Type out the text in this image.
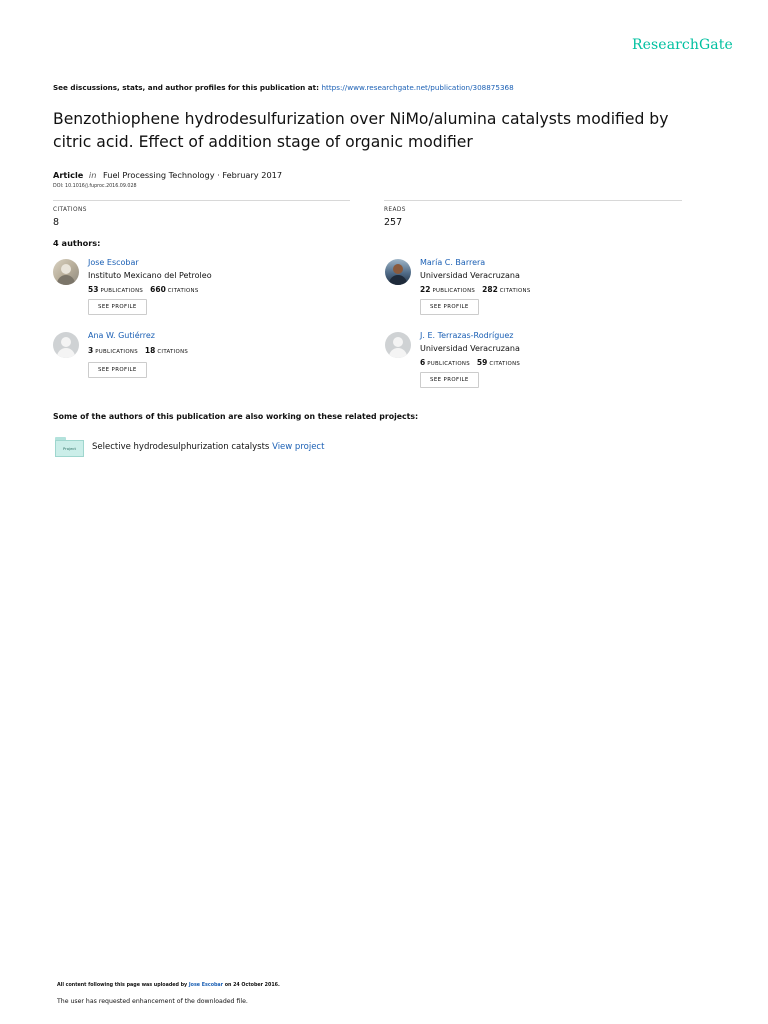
ResearchGate
See discussions, stats, and author profiles for this publication at: https://www.researchgate.net/publication/308875368
Benzothiophene hydrodesulfurization over NiMo/alumina catalysts modified by citric acid. Effect of addition stage of organic modifier
Article in Fuel Processing Technology · February 2017
DOI: 10.1016/j.fuproc.2016.09.028
CITATIONS
8
READS
257
4 authors:
Jose Escobar
Instituto Mexicano del Petroleo
53 PUBLICATIONS 660 CITATIONS
SEE PROFILE
María C. Barrera
Universidad Veracruzana
22 PUBLICATIONS 282 CITATIONS
SEE PROFILE
Ana W. Gutiérrez
3 PUBLICATIONS 18 CITATIONS
SEE PROFILE
J. E. Terrazas-Rodríguez
Universidad Veracruzana
6 PUBLICATIONS 59 CITATIONS
SEE PROFILE
Some of the authors of this publication are also working on these related projects:
Project	Selective hydrodesulphurization catalysts View project
All content following this page was uploaded by Jose Escobar on 24 October 2016.
The user has requested enhancement of the downloaded file.
